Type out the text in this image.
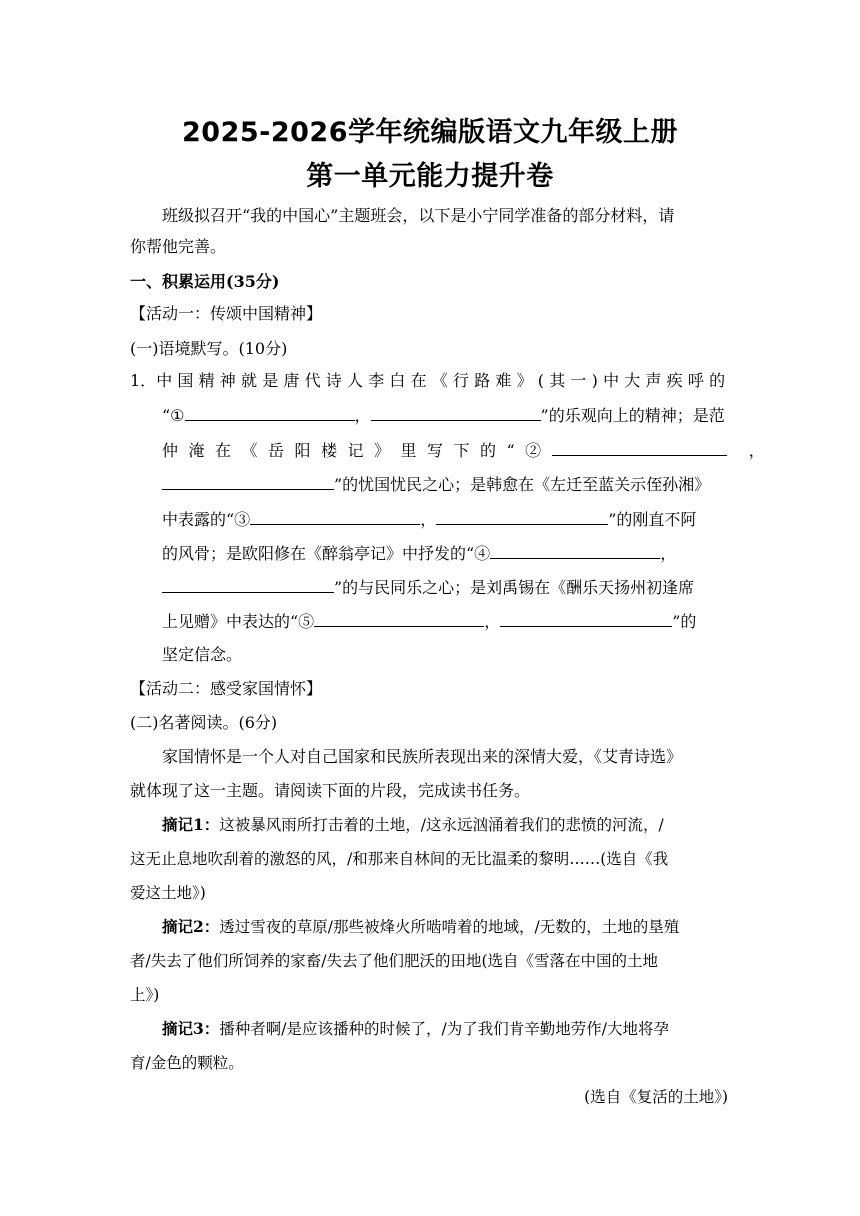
2025-2026学年统编版语文九年级上册
第一单元能力提升卷
班级拟召开“我的中国心”主题班会，以下是小宁同学准备的部分材料，请
你帮他完善。
一、积累运用(35分)
【活动一：传颂中国精神】
(一)语境默写。(10分)
1．中国精神就是唐代诗人李白在《行路难》(其一)中大声疾呼的
“①	，	”的乐观向上的精神；是范
仲淹在《岳阳楼记》里写下的“②	，
”的忧国忧民之心；是韩愈在《左迁至蓝关示侄孙湘》
中表露的“③	，	”的刚直不阿
的风骨；是欧阳修在《醉翁亭记》中抒发的“④	，
”的与民同乐之心；是刘禹锡在《酬乐天扬州初逢席
上见赠》中表达的“⑤	，	”的
坚定信念。
【活动二：感受家国情怀】
(二)名著阅读。(6分)
家国情怀是一个人对自己国家和民族所表现出来的深情大爱，《艾青诗选》
就体现了这一主题。请阅读下面的片段，完成读书任务。
摘记1：这被暴风雨所打击着的土地，/这永远汹涌着我们的悲愤的河流，/
这无止息地吹刮着的激怒的风，/和那来自林间的无比温柔的黎明……(选自《我
爱这土地》)
摘记2：透过雪夜的草原/那些被烽火所啮啃着的地域，/无数的，土地的垦殖
者/失去了他们所饲养的家畜/失去了他们肥沃的田地(选自《雪落在中国的土地
上》)
摘记3：播种者啊/是应该播种的时候了，/为了我们肯辛勤地劳作/大地将孕
育/金色的颗粒。
(选自《复活的土地》)
